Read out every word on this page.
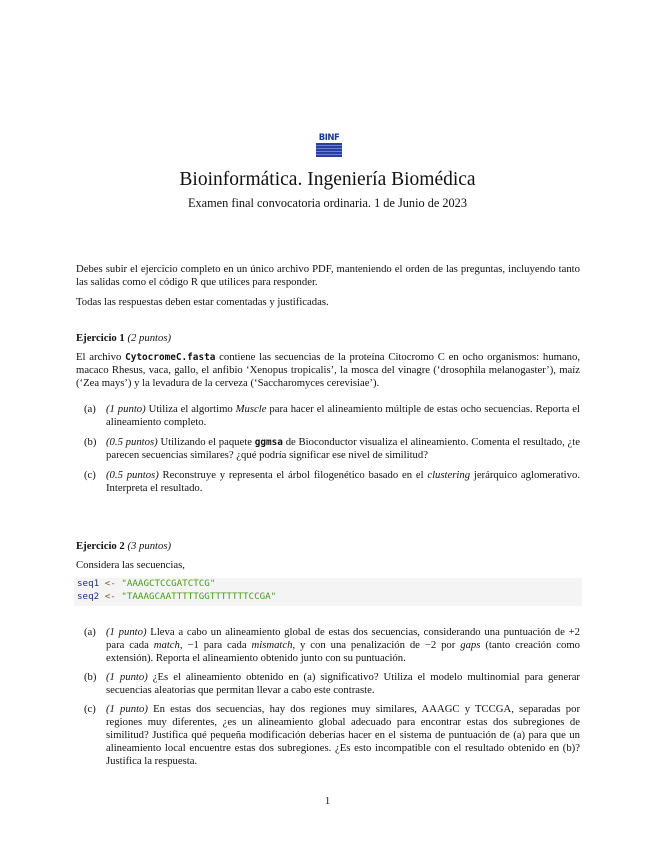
BINF
Bioinformática. Ingeniería Biomédica
Examen final convocatoria ordinaria. 1 de Junio de 2023
Debes subir el ejercicio completo en un único archivo PDF, manteniendo el orden de las preguntas, incluyendo tanto las salidas como el código R que utilices para responder.
Todas las respuestas deben estar comentadas y justificadas.
Ejercicio 1 (2 puntos)
El archivo CytocromeC.fasta contiene las secuencias de la proteína Citocromo C en ocho organismos: humano, macaco Rhesus, vaca, gallo, el anfibio ‘Xenopus tropicalis’, la mosca del vinagre (‘drosophila melanogaster’), maíz (‘Zea mays’) y la levadura de la cerveza (‘Saccharomyces cerevisiae’).
(a) (1 punto) Utiliza el algortimo Muscle para hacer el alineamiento múltiple de estas ocho secuencias. Reporta el alineamiento completo.
(b) (0.5 puntos) Utilizando el paquete ggmsa de Bioconductor visualiza el alineamiento. Comenta el resultado, ¿te parecen secuencias similares? ¿qué podría significar ese nivel de similitud?
(c) (0.5 puntos) Reconstruye y representa el árbol filogenético basado en el clustering jerárquico aglomerativo. Interpreta el resultado.
Ejercicio 2 (3 puntos)
Considera las secuencias,
seq1 <- "AAAGCTCCGATCTCG"
seq2 <- "TAAAGCAATTTTTGGTTTTTTTCCGA"
(a) (1 punto) Lleva a cabo un alineamiento global de estas dos secuencias, considerando una puntuación de +2 para cada match, −1 para cada mismatch, y con una penalización de −2 por gaps (tanto creación como extensión). Reporta el alineamiento obtenido junto con su puntuación.
(b) (1 punto) ¿Es el alineamiento obtenido en (a) significativo? Utiliza el modelo multinomial para generar secuencias aleatorias que permitan llevar a cabo este contraste.
(c) (1 punto) En estas dos secuencias, hay dos regiones muy similares, AAAGC y TCCGA, separadas por regiones muy diferentes, ¿es un alineamiento global adecuado para encontrar estas dos subregiones de similitud? Justifica qué pequeña modificación deberías hacer en el sistema de puntuación de (a) para que un alineamiento local encuentre estas dos subregiones. ¿Es esto incompatible con el resultado obtenido en (b)? Justifica la respuesta.
1
